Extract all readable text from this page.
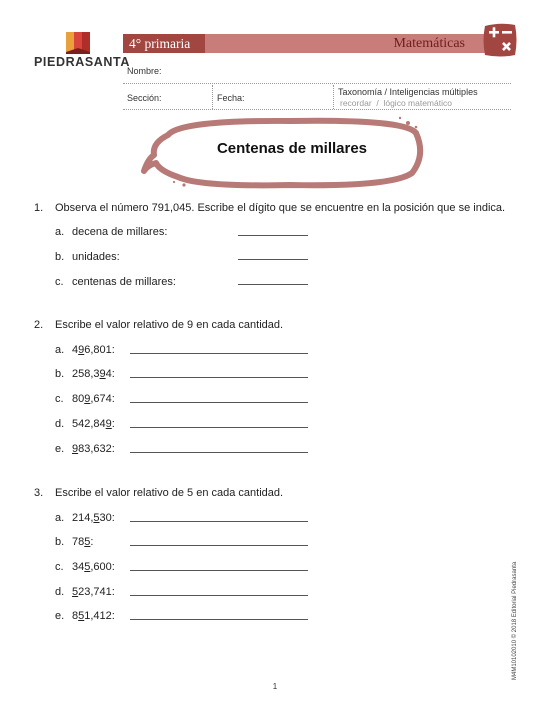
PIEDRASANTA
4° primaria	Matemáticas
Nombre:
Sección:	Fecha:
Taxonomía / Inteligencias múltiples
recordar  /  lógico matemático
Centenas de millares
1. Observa el número 791,045. Escribe el dígito que se encuentre en la posición que se indica.
a. decena de millares:
b. unidades:
c. centenas de millares:
2. Escribe el valor relativo de 9 en cada cantidad.
a. 496,801:
b. 258,394:
c. 809,674:
d. 542,849:
e. 983,632:
3. Escribe el valor relativo de 5 en cada cantidad.
a. 214,530:
b. 785:
c. 345,600:
d. 523,741:
e. 851,412:	M4M10102010 © 2018 Editorial Piedrasanta
1
